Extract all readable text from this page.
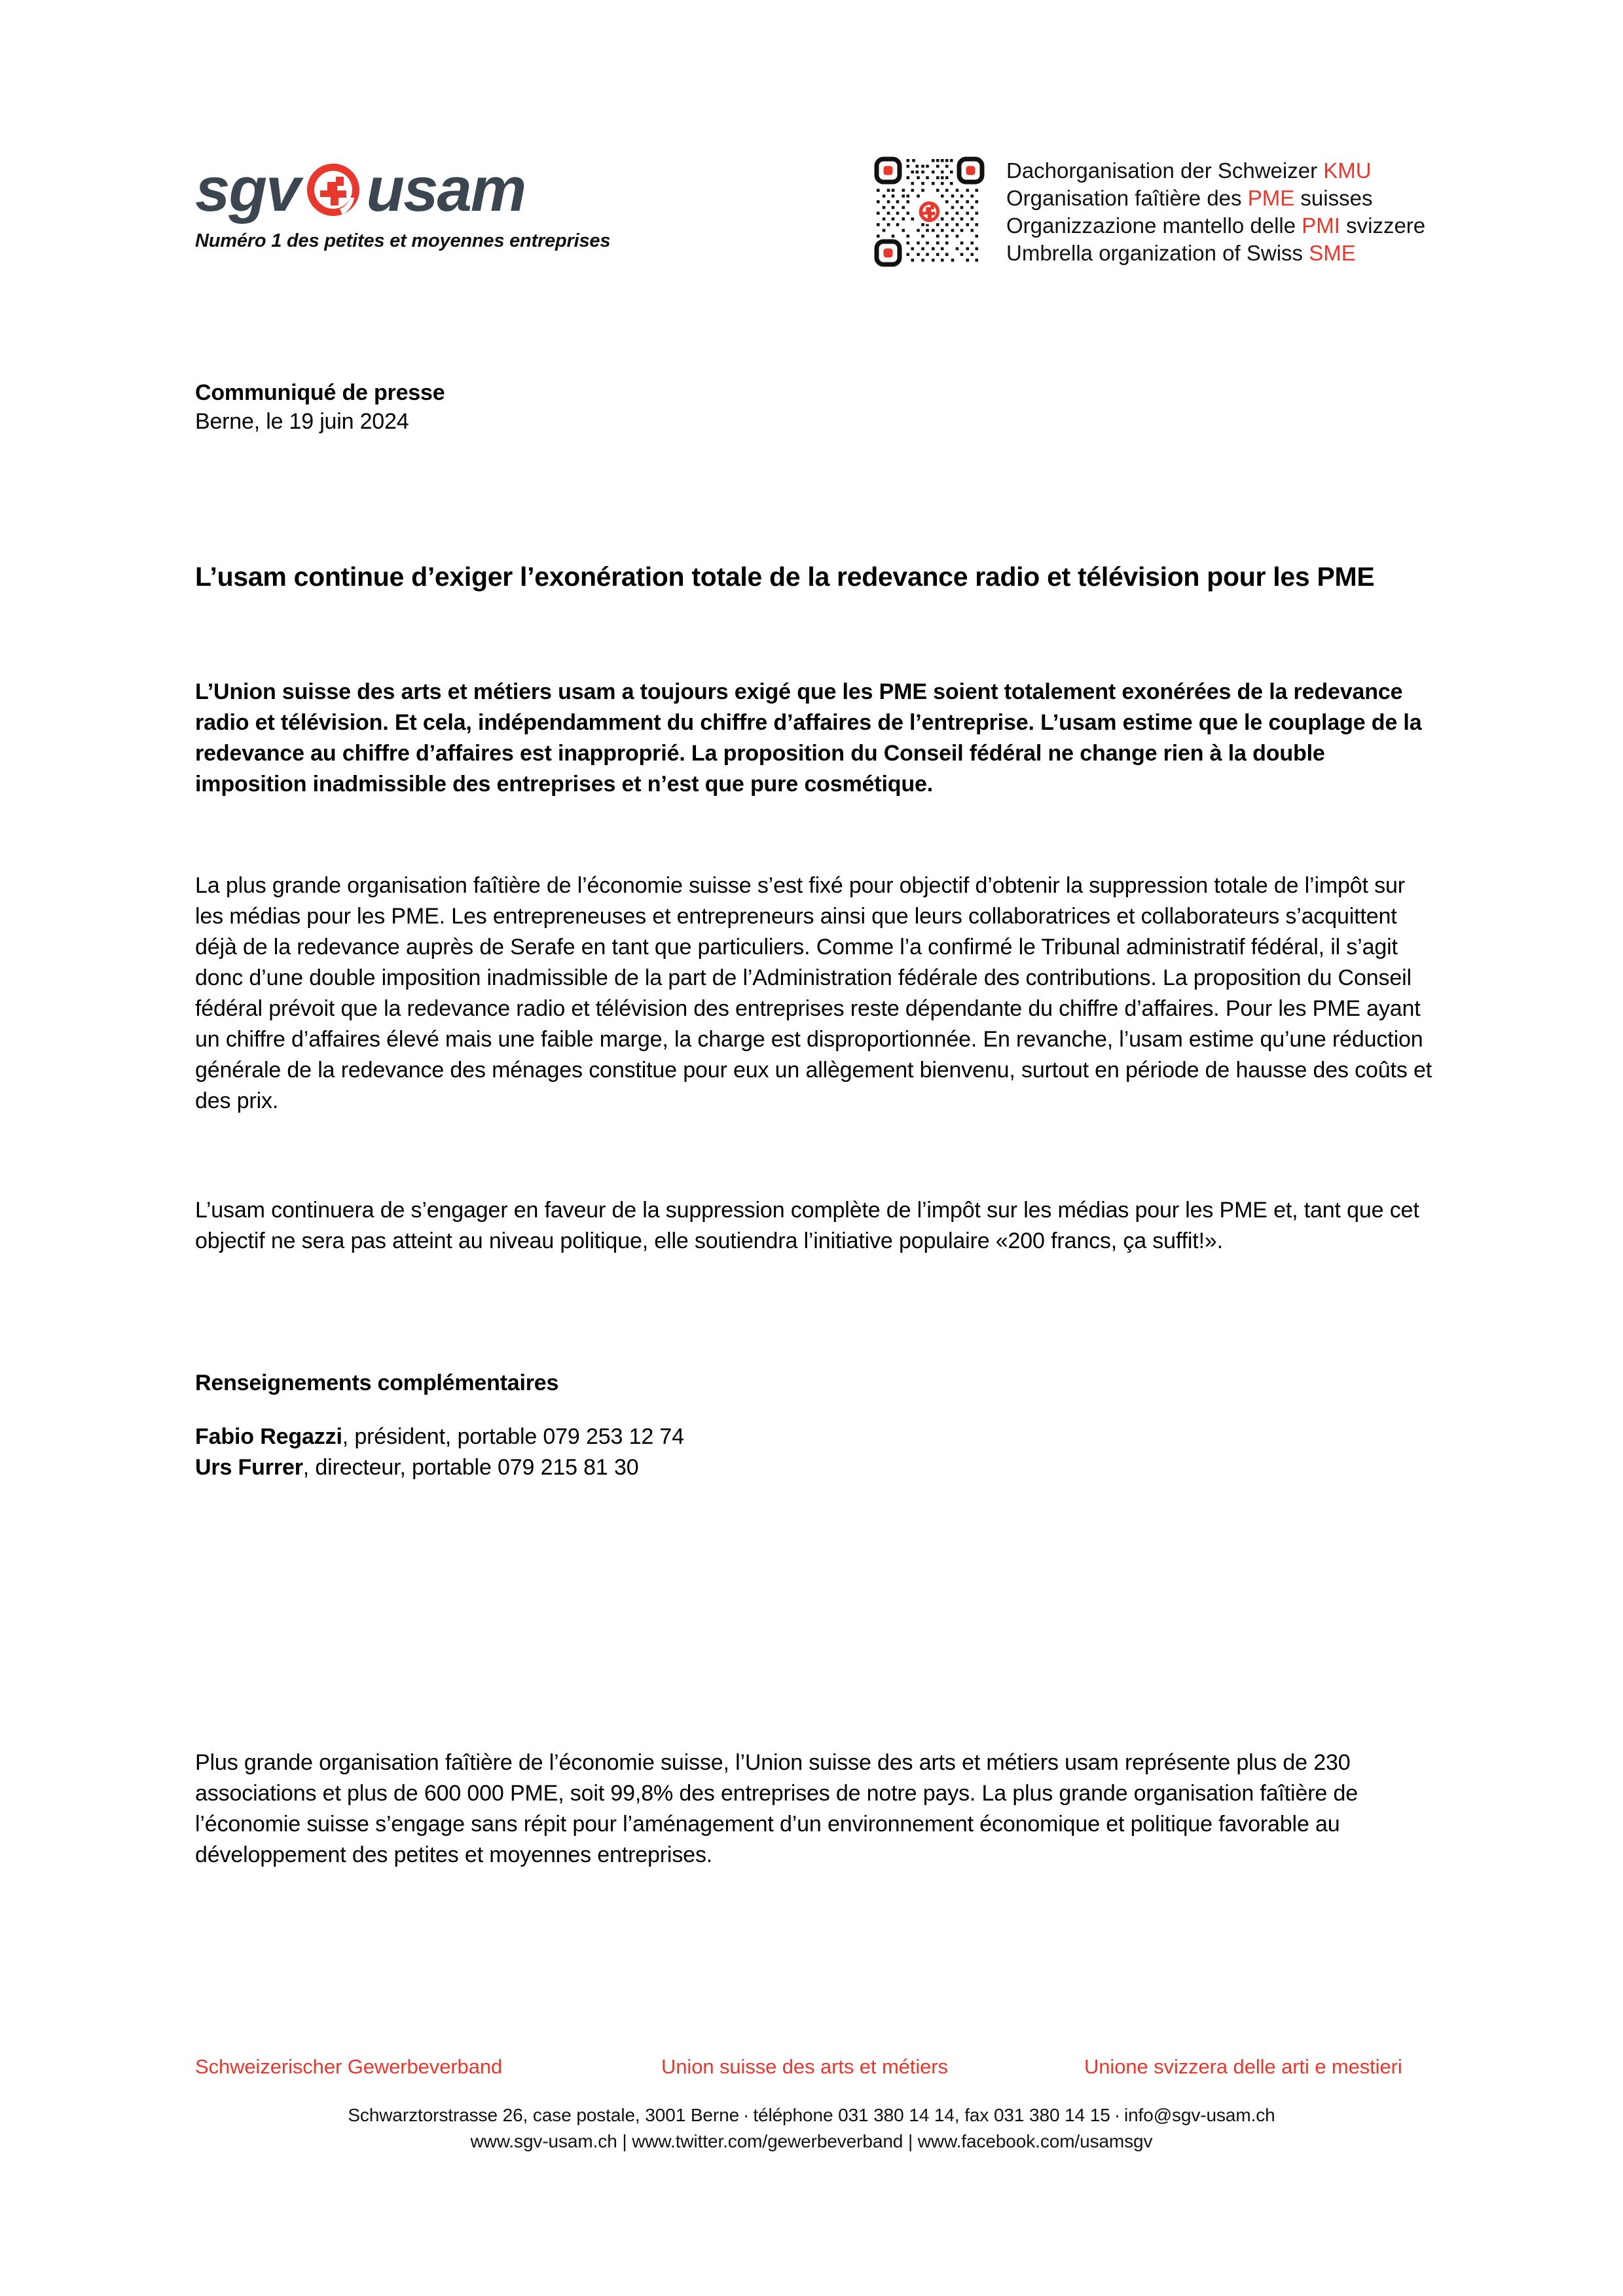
sgv usam
Numéro 1 des petites et moyennes entreprises
Dachorganisation der Schweizer KMU
Organisation faîtière des PME suisses
Organizzazione mantello delle PMI svizzere
Umbrella organization of Swiss SME
Communiqué de presse
Berne, le 19 juin 2024
L’usam continue d’exiger l’exonération totale de la redevance radio et télévision pour les PME

L’Union suisse des arts et métiers usam a toujours exigé que les PME soient totalement exonérées de la redevance radio et télévision. Et cela, indépendamment du chiffre d’affaires de l’entreprise. L’usam estime que le couplage de la redevance au chiffre d’affaires est inapproprié. La proposition du Conseil fédéral ne change rien à la double imposition inadmissible des entreprises et n’est que pure cosmétique.

La plus grande organisation faîtière de l’économie suisse s’est fixé pour objectif d’obtenir la suppression totale de l’impôt sur les médias pour les PME. Les entrepreneuses et entrepreneurs ainsi que leurs collaboratrices et collaborateurs s’acquittent déjà de la redevance auprès de Serafe en tant que particuliers. Comme l’a confirmé le Tribunal administratif fédéral, il s’agit donc d’une double imposition inadmissible de la part de l’Administration fédérale des contributions. La proposition du Conseil fédéral prévoit que la redevance radio et télévision des entreprises reste dépendante du chiffre d’affaires. Pour les PME ayant un chiffre d’affaires élevé mais une faible marge, la charge est disproportionnée. En revanche, l’usam estime qu’une réduction générale de la redevance des ménages constitue pour eux un allègement bienvenu, surtout en période de hausse des coûts et des prix.

L’usam continuera de s’engager en faveur de la suppression complète de l’impôt sur les médias pour les PME et, tant que cet objectif ne sera pas atteint au niveau politique, elle soutiendra l’initiative populaire «200 francs, ça suffit!».

Renseignements complémentaires
Fabio Regazzi, président, portable 079 253 12 74
Urs Furrer, directeur, portable 079 215 81 30

Plus grande organisation faîtière de l’économie suisse, l’Union suisse des arts et métiers usam représente plus de 230 associations et plus de 600 000 PME, soit 99,8% des entreprises de notre pays. La plus grande organisation faîtière de l’économie suisse s’engage sans répit pour l’aménagement d’un environnement économique et politique favorable au développement des petites et moyennes entreprises.

Schweizerischer Gewerbeverband	Union suisse des arts et métiers	Unione svizzera delle arti e mestieri
Schwarztorstrasse 26, case postale, 3001 Berne · téléphone 031 380 14 14, fax 031 380 14 15 · info@sgv-usam.ch
www.sgv-usam.ch | www.twitter.com/gewerbeverband | www.facebook.com/usamsgv
